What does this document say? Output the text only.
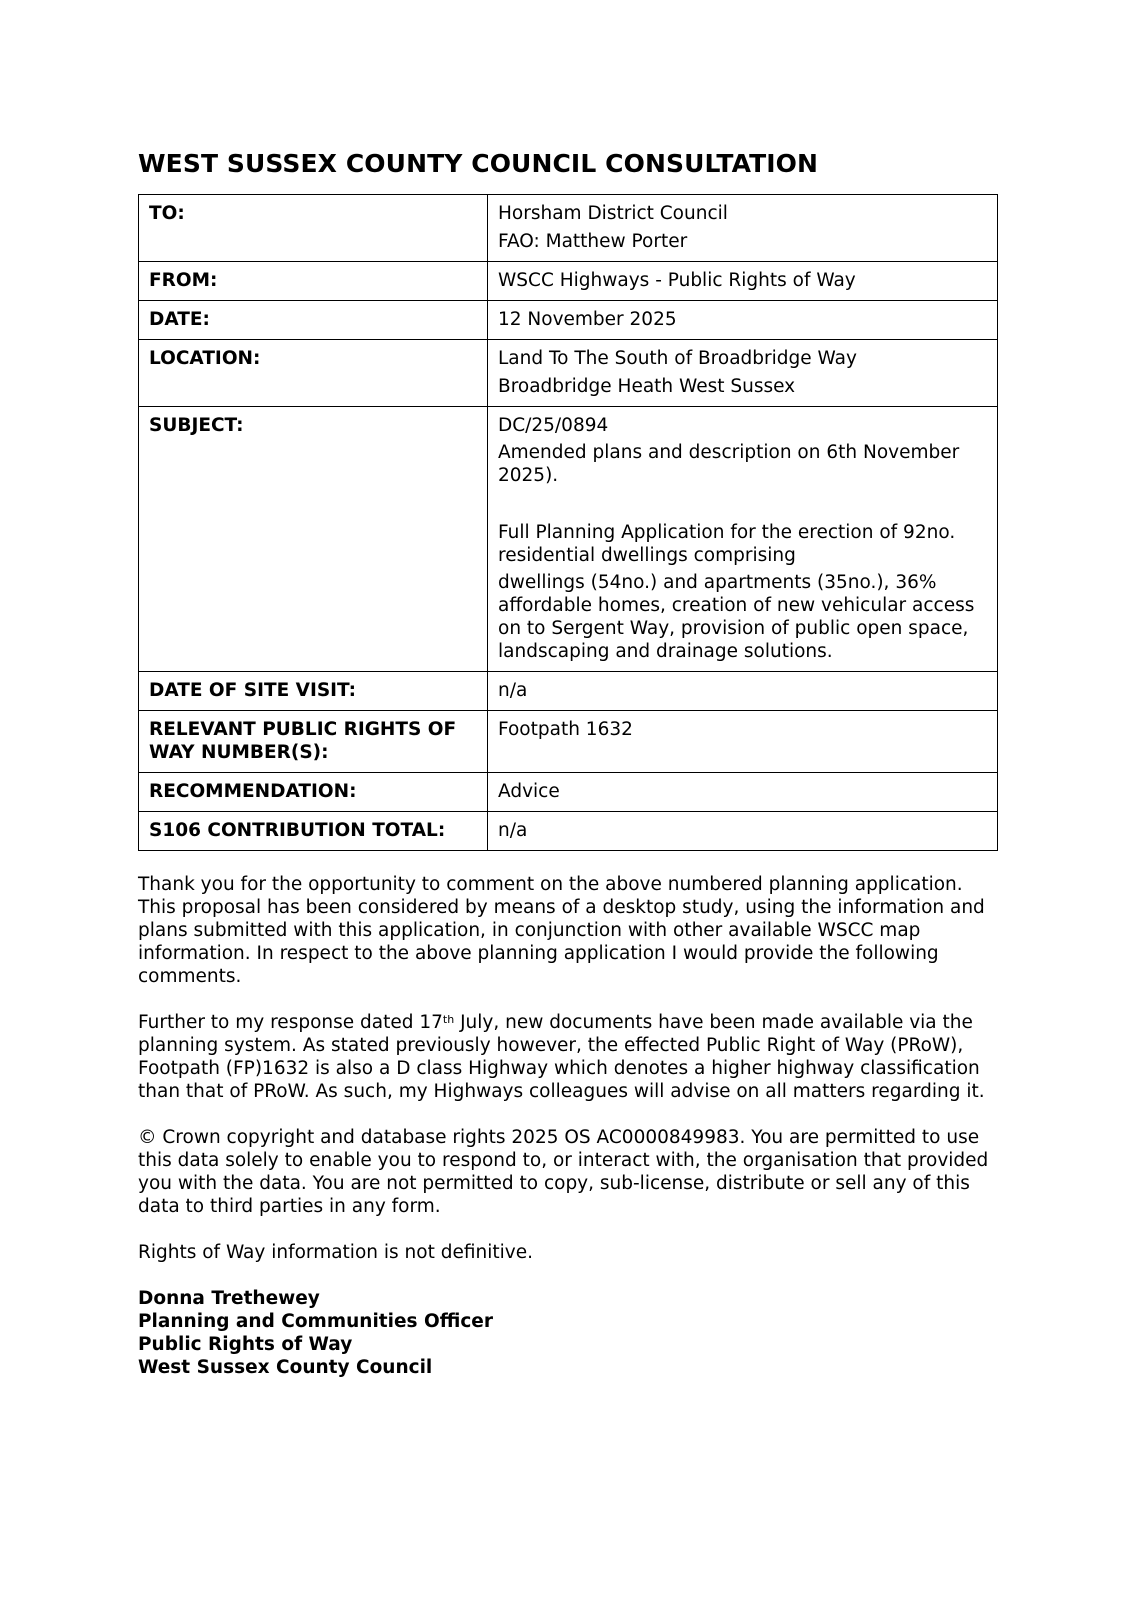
WEST SUSSEX COUNTY COUNCIL CONSULTATION
TO:	Horsham District Council

FAO: Matthew Porter

FROM:	WSCC Highways - Public Rights of Way
DATE:	12 November 2025
LOCATION:	Land To The South of Broadbridge Way

Broadbridge Heath West Sussex

SUBJECT:	DC/25/0894

Amended plans and description on 6th November 2025).

Full Planning Application for the erection of 92no. residential dwellings comprising

dwellings (54no.) and apartments (35no.), 36% affordable homes, creation of new vehicular access on to Sergent Way, provision of public open space, landscaping and drainage solutions.

DATE OF SITE VISIT:	n/a
RELEVANT PUBLIC RIGHTS OF WAY NUMBER(S):	Footpath 1632
RECOMMENDATION:	Advice
S106 CONTRIBUTION TOTAL:	n/a

Thank you for the opportunity to comment on the above numbered planning application. This proposal has been considered by means of a desktop study, using the information and plans submitted with this application, in conjunction with other available WSCC map information. In respect to the above planning application I would provide the following comments.

Further to my response dated 17th July, new documents have been made available via the planning system. As stated previously however, the effected Public Right of Way (PRoW), Footpath (FP)1632 is also a D class Highway which denotes a higher highway classification than that of PRoW. As such, my Highways colleagues will advise on all matters regarding it.

© Crown copyright and database rights 2025 OS AC0000849983. You are permitted to use this data solely to enable you to respond to, or interact with, the organisation that provided you with the data. You are not permitted to copy, sub-license, distribute or sell any of this data to third parties in any form.

Rights of Way information is not definitive.

Donna Trethewey
Planning and Communities Officer
Public Rights of Way
West Sussex County Council
